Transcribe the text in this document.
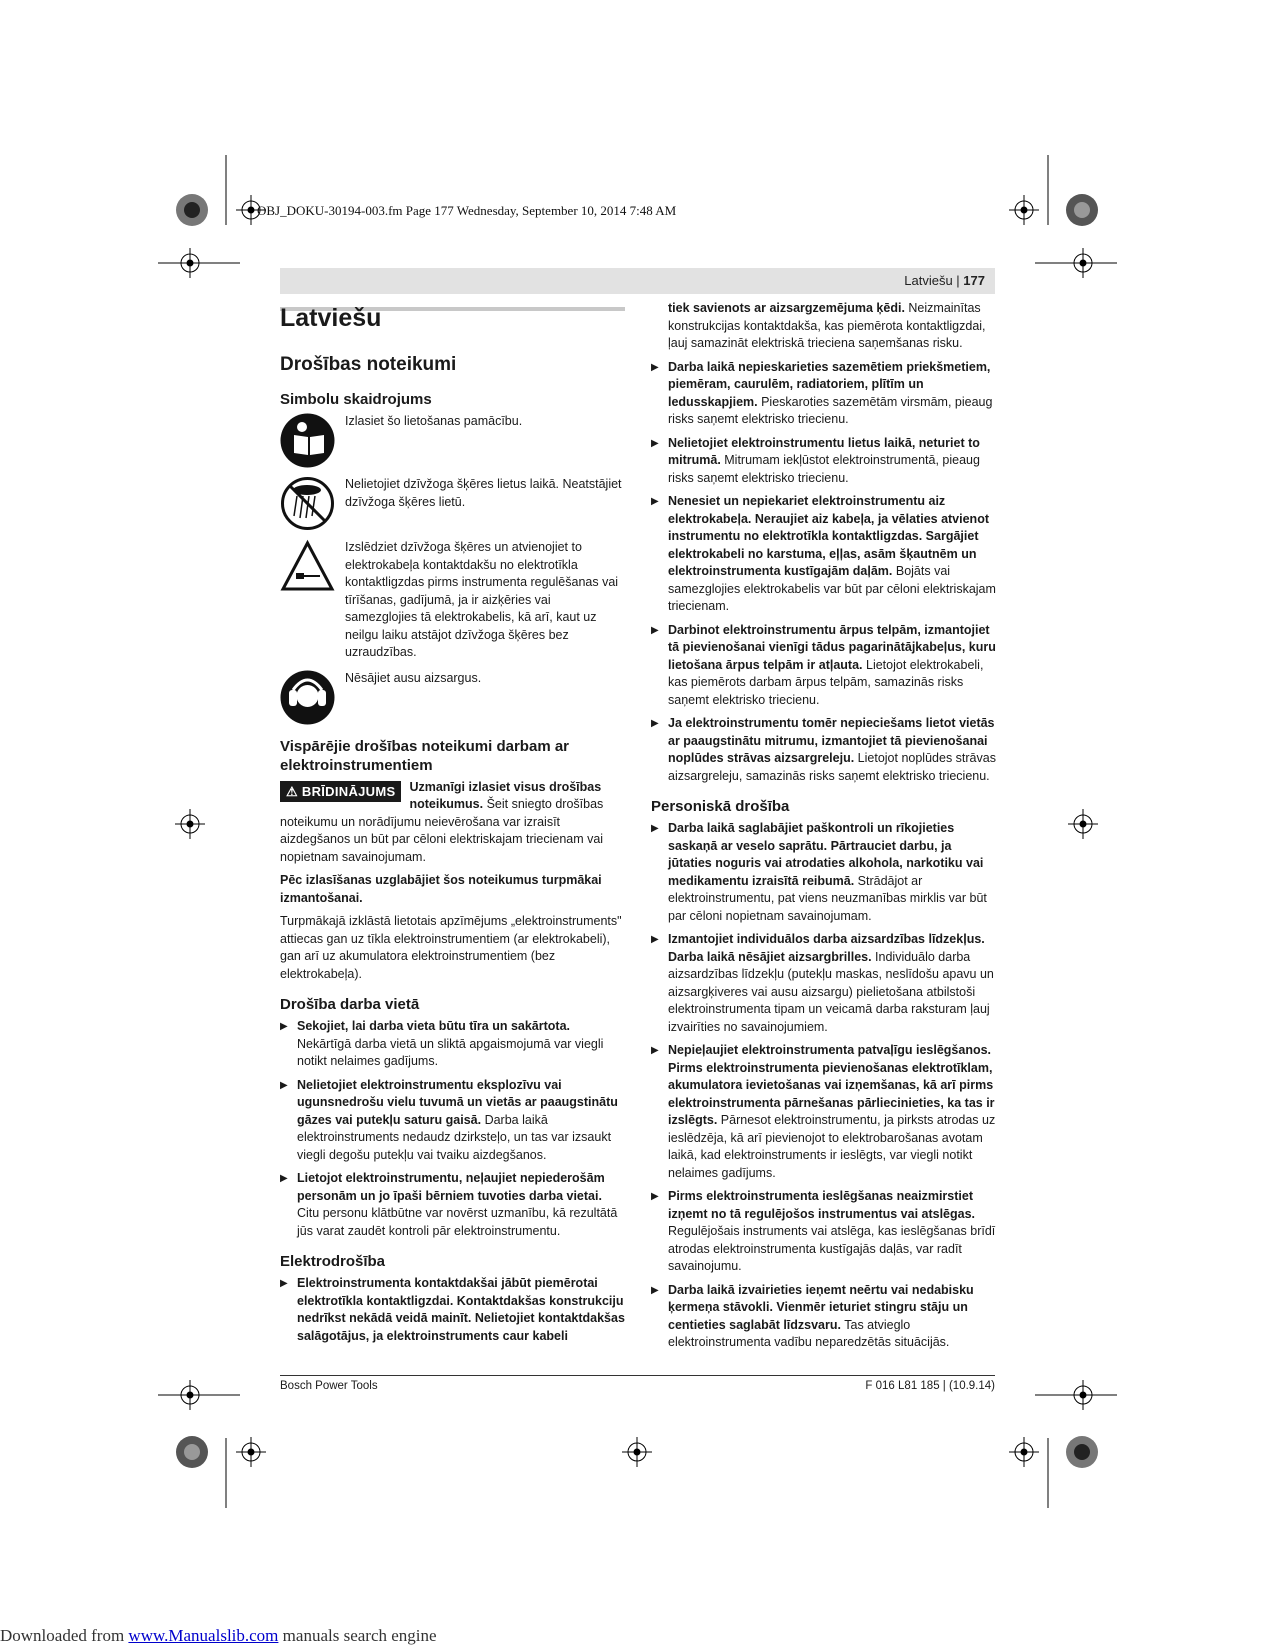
OBJ_DOKU-30194-003.fm Page 177 Wednesday, September 10, 2014 7:48 AM
Latviešu | 177
Latviešu
Drošības noteikumi
Simbolu skaidrojums
Izlasiet šo lietošanas pamācību.
Nelietojiet dzīvžoga šķēres lietus laikā. Neatstājiet dzīvžoga šķēres lietū.
Izslēdziet dzīvžoga šķēres un atvienojiet to elektrokabeļa kontaktdakšu no elektrotīkla kontaktligzdas pirms instrumenta regulēšanas vai tīrīšanas, gadījumā, ja ir aizķēries vai samezglojies tā elektrokabelis, kā arī, kaut uz neilgu laiku atstājot dzīvžoga šķēres bez uzraudzības.
Nēsājiet ausu aizsargus.
Vispārējie drošības noteikumi darbam ar elektroinstrumentiem

⚠ BRĪDINĀJUMS	Uzmanīgi izlasiet visus drošības noteikumus. Šeit sniegto drošības noteikumu un norādījumu neievērošana var izraisīt aizdegšanos un būt par cēloni elektriskajam triecienam vai nopietnam savainojumam.

Pēc izlasīšanas uzglabājiet šos noteikumus turpmākai izmantošanai.

Turpmākajā izklāstā lietotais apzīmējums „elektroinstruments" attiecas gan uz tīkla elektroinstrumentiem (ar elektrokabeli), gan arī uz akumulatora elektroinstrumentiem (bez elektrokabeļa).

Drošība darba vietā
▶ Sekojiet, lai darba vieta būtu tīra un sakārtota. Nekārtīgā darba vietā un sliktā apgaismojumā var viegli notikt nelaimes gadījums.
▶ Nelietojiet elektroinstrumentu eksplozīvu vai ugunsnedrošu vielu tuvumā un vietās ar paaugstinātu gāzes vai putekļu saturu gaisā. Darba laikā elektroinstruments nedaudz dzirksteļo, un tas var izsaukt viegli degošu putekļu vai tvaiku aizdegšanos.
▶ Lietojot elektroinstrumentu, neļaujiet nepiederošām personām un jo īpaši bērniem tuvoties darba vietai. Citu personu klātbūtne var novērst uzmanību, kā rezultātā jūs varat zaudēt kontroli pār elektroinstrumentu.
Elektrodrošība
▶ Elektroinstrumenta kontaktdakšai jābūt piemērotai elektrotīkla kontaktligzdai. Kontaktdakšas konstrukciju nedrīkst nekādā veidā mainīt. Nelietojiet kontaktdakšas salāgotājus, ja elektroinstruments caur kabeli

tiek savienots ar aizsargzemējuma ķēdi. Neizmainītas konstrukcijas kontaktdakša, kas piemērota kontaktligzdai, ļauj samazināt elektriskā trieciena saņemšanas risku.

▶ Darba laikā nepieskarieties sazemētiem priekšmetiem, piemēram, caurulēm, radiatoriem, plītīm un ledusskapjiem. Pieskaroties sazemētām virsmām, pieaug risks saņemt elektrisko triecienu.
▶ Nelietojiet elektroinstrumentu lietus laikā, neturiet to mitrumā. Mitrumam iekļūstot elektroinstrumentā, pieaug risks saņemt elektrisko triecienu.
▶ Nenesiet un nepiekariet elektroinstrumentu aiz elektrokabeļa. Neraujiet aiz kabeļa, ja vēlaties atvienot instrumentu no elektrotīkla kontaktligzdas. Sargājiet elektrokabeli no karstuma, eļļas, asām šķautnēm un elektroinstrumenta kustīgajām daļām. Bojāts vai samezglojies elektrokabelis var būt par cēloni elektriskajam triecienam.
▶ Darbinot elektroinstrumentu ārpus telpām, izmantojiet tā pievienošanai vienīgi tādus pagarinātājkabeļus, kuru lietošana ārpus telpām ir atļauta. Lietojot elektrokabeli, kas piemērots darbam ārpus telpām, samazinās risks saņemt elektrisko triecienu.
▶ Ja elektroinstrumentu tomēr nepieciešams lietot vietās ar paaugstinātu mitrumu, izmantojiet tā pievienošanai noplūdes strāvas aizsargreleju. Lietojot noplūdes strāvas aizsargreleju, samazinās risks saņemt elektrisko triecienu.
Personiskā drošība
▶ Darba laikā saglabājiet paškontroli un rīkojieties saskaņā ar veselo saprātu. Pārtrauciet darbu, ja jūtaties noguris vai atrodaties alkohola, narkotiku vai medikamentu izraisītā reibumā. Strādājot ar elektroinstrumentu, pat viens neuzmanības mirklis var būt par cēloni nopietnam savainojumam.
▶ Izmantojiet individuālos darba aizsardzības līdzekļus. Darba laikā nēsājiet aizsargbrilles. Individuālo darba aizsardzības līdzekļu (putekļu maskas, neslīdošu apavu un aizsargķiveres vai ausu aizsargu) pielietošana atbilstoši elektroinstrumenta tipam un veicamā darba raksturam ļauj izvairīties no savainojumiem.
▶ Nepieļaujiet elektroinstrumenta patvaļīgu ieslēgšanos. Pirms elektroinstrumenta pievienošanas elektrotīklam, akumulatora ievietošanas vai izņemšanas, kā arī pirms elektroinstrumenta pārnešanas pārliecinieties, ka tas ir izslēgts. Pārnesot elektroinstrumentu, ja pirksts atrodas uz ieslēdzēja, kā arī pievienojot to elektrobarošanas avotam laikā, kad elektroinstruments ir ieslēgts, var viegli notikt nelaimes gadījums.
▶ Pirms elektroinstrumenta ieslēgšanas neaizmirstiet izņemt no tā regulējošos instrumentus vai atslēgas. Regulējošais instruments vai atslēga, kas ieslēgšanas brīdī atrodas elektroinstrumenta kustīgajās daļās, var radīt savainojumu.
▶ Darba laikā izvairieties ieņemt neērtu vai nedabisku ķermeņa stāvokli. Vienmēr ieturiet stingru stāju un centieties saglabāt līdzsvaru. Tas atvieglo elektroinstrumenta vadību neparedzētās situācijās.
Bosch Power Tools	F 016 L81 185 | (10.9.14)
Downloaded from www.Manualslib.com manuals search engine
